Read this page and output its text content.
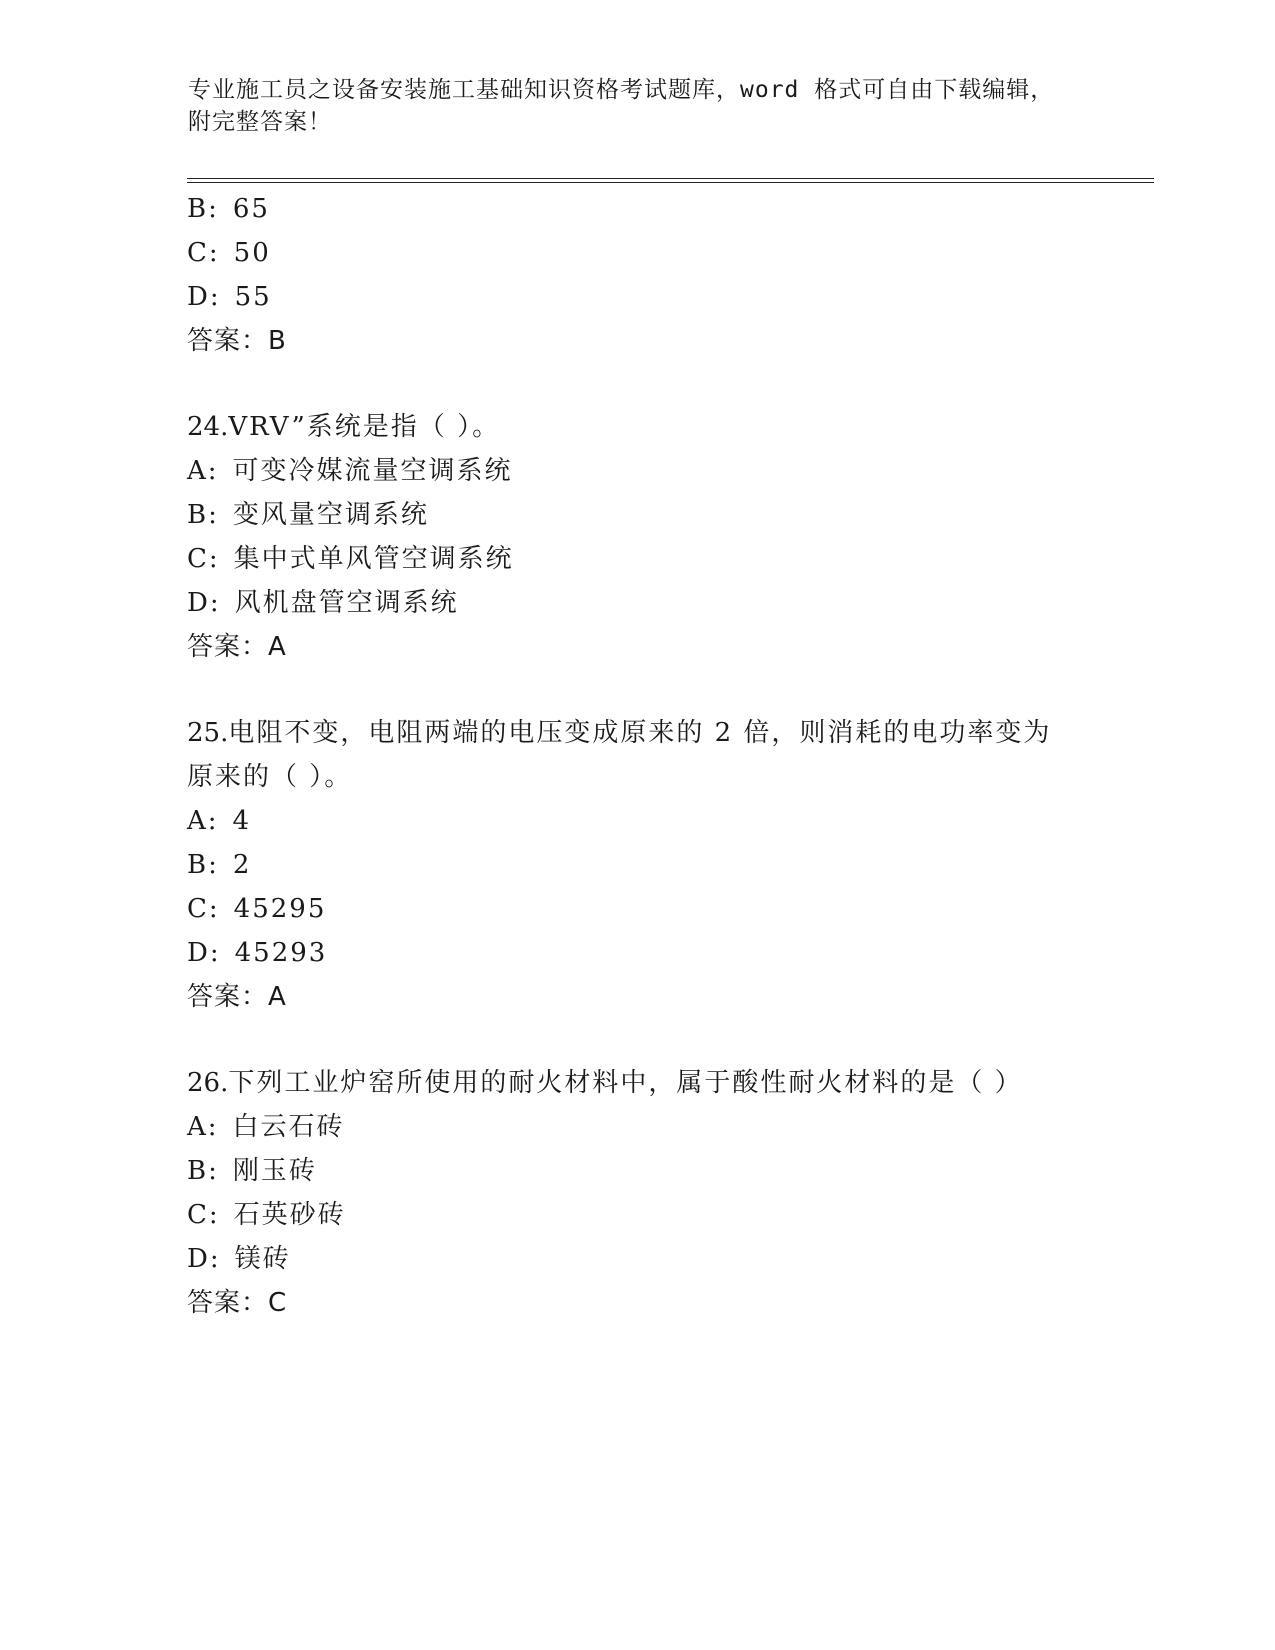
专业施工员之设备安装施工基础知识资格考试题库，word 格式可自由下载编辑，
附完整答案！
B: 65
C: 50
D: 55
答案：B
24.VRV”系统是指（ ）。
A: 可变冷媒流量空调系统
B: 变风量空调系统
C: 集中式单风管空调系统
D: 风机盘管空调系统
答案：A
25.电阻不变，电阻两端的电压变成原来的 2 倍，则消耗的电功率变为
原来的（ ）。
A: 4
B: 2
C: 45295
D: 45293
答案：A
26.下列工业炉窑所使用的耐火材料中，属于酸性耐火材料的是（ ）
A: 白云石砖
B: 刚玉砖
C: 石英砂砖
D: 镁砖
答案：C
